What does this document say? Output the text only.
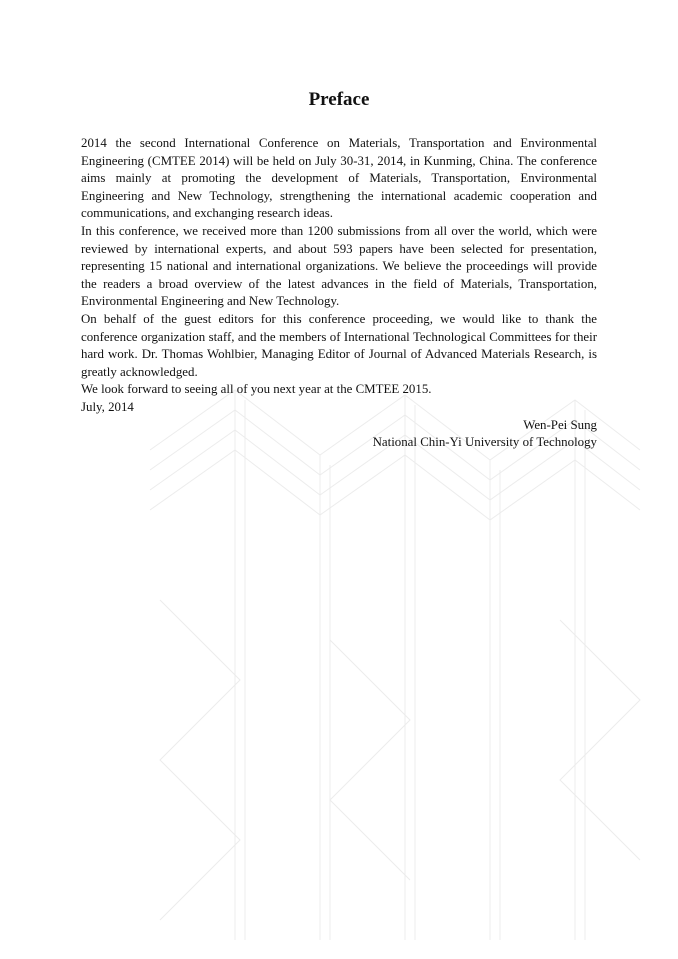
Preface

2014 the second International Conference on Materials, Transportation and Environmental Engineering (CMTEE 2014) will be held on July 30-31, 2014, in Kunming, China. The conference aims mainly at promoting the development of Materials, Transportation, Environmental Engineering and New Technology, strengthening the international academic cooperation and communications, and exchanging research ideas.

In this conference, we received more than 1200 submissions from all over the world, which were reviewed by international experts, and about 593 papers have been selected for presentation, representing 15 national and international organizations. We believe the proceedings will provide the readers a broad overview of the latest advances in the field of Materials, Transportation, Environmental Engineering and New Technology.

On behalf of the guest editors for this conference proceeding, we would like to thank the conference organization staff, and the members of International Technological Committees for their hard work. Dr. Thomas Wohlbier, Managing Editor of Journal of Advanced Materials Research, is greatly acknowledged.

We look forward to seeing all of you next year at the CMTEE 2015.

July, 2014

Wen-Pei Sung

National Chin-Yi University of Technology
